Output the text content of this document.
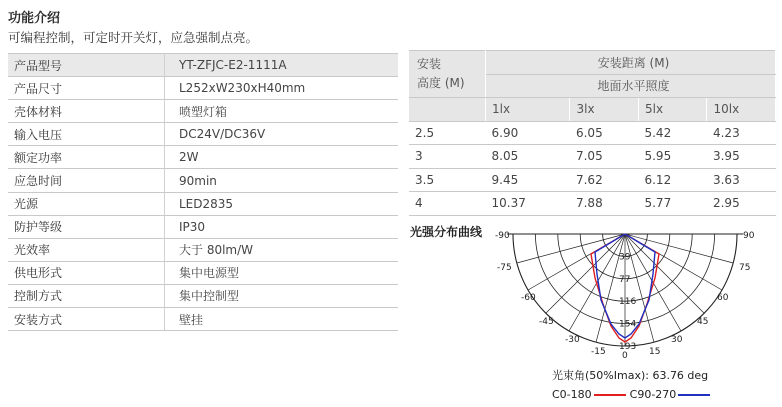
功能介绍
可编程控制，可定时开关灯，应急强制点亮。
产品型号	YT-ZFJC-E2-1111A
产品尺寸	L252xW230xH40mm
壳体材料	喷塑灯箱
输入电压	DC24V/DC36V
额定功率	2W
应急时间	90min
光源	LED2835
防护等级	IP30
光效率	大于 80lm/W
供电形式	集中电源型
控制方式	集中控制型
安装方式	壁挂
安装
高度 (M)	安装距离 (M)			
	地面水平照度			
	1lx	3lx	5lx	10lx
2.5	6.90	6.05	5.42	4.23
3	8.05	7.05	5.95	3.95
3.5	9.45	7.62	6.12	3.63
4	10.37	7.88	5.77	2.95
光强分布曲线 -90	90
-75	75
-60	60
-45	45
-30	30
-15 0 15
39
77
116
154
193
光束角(50%Imax): 63.76 deg
C0-180	C90-270
